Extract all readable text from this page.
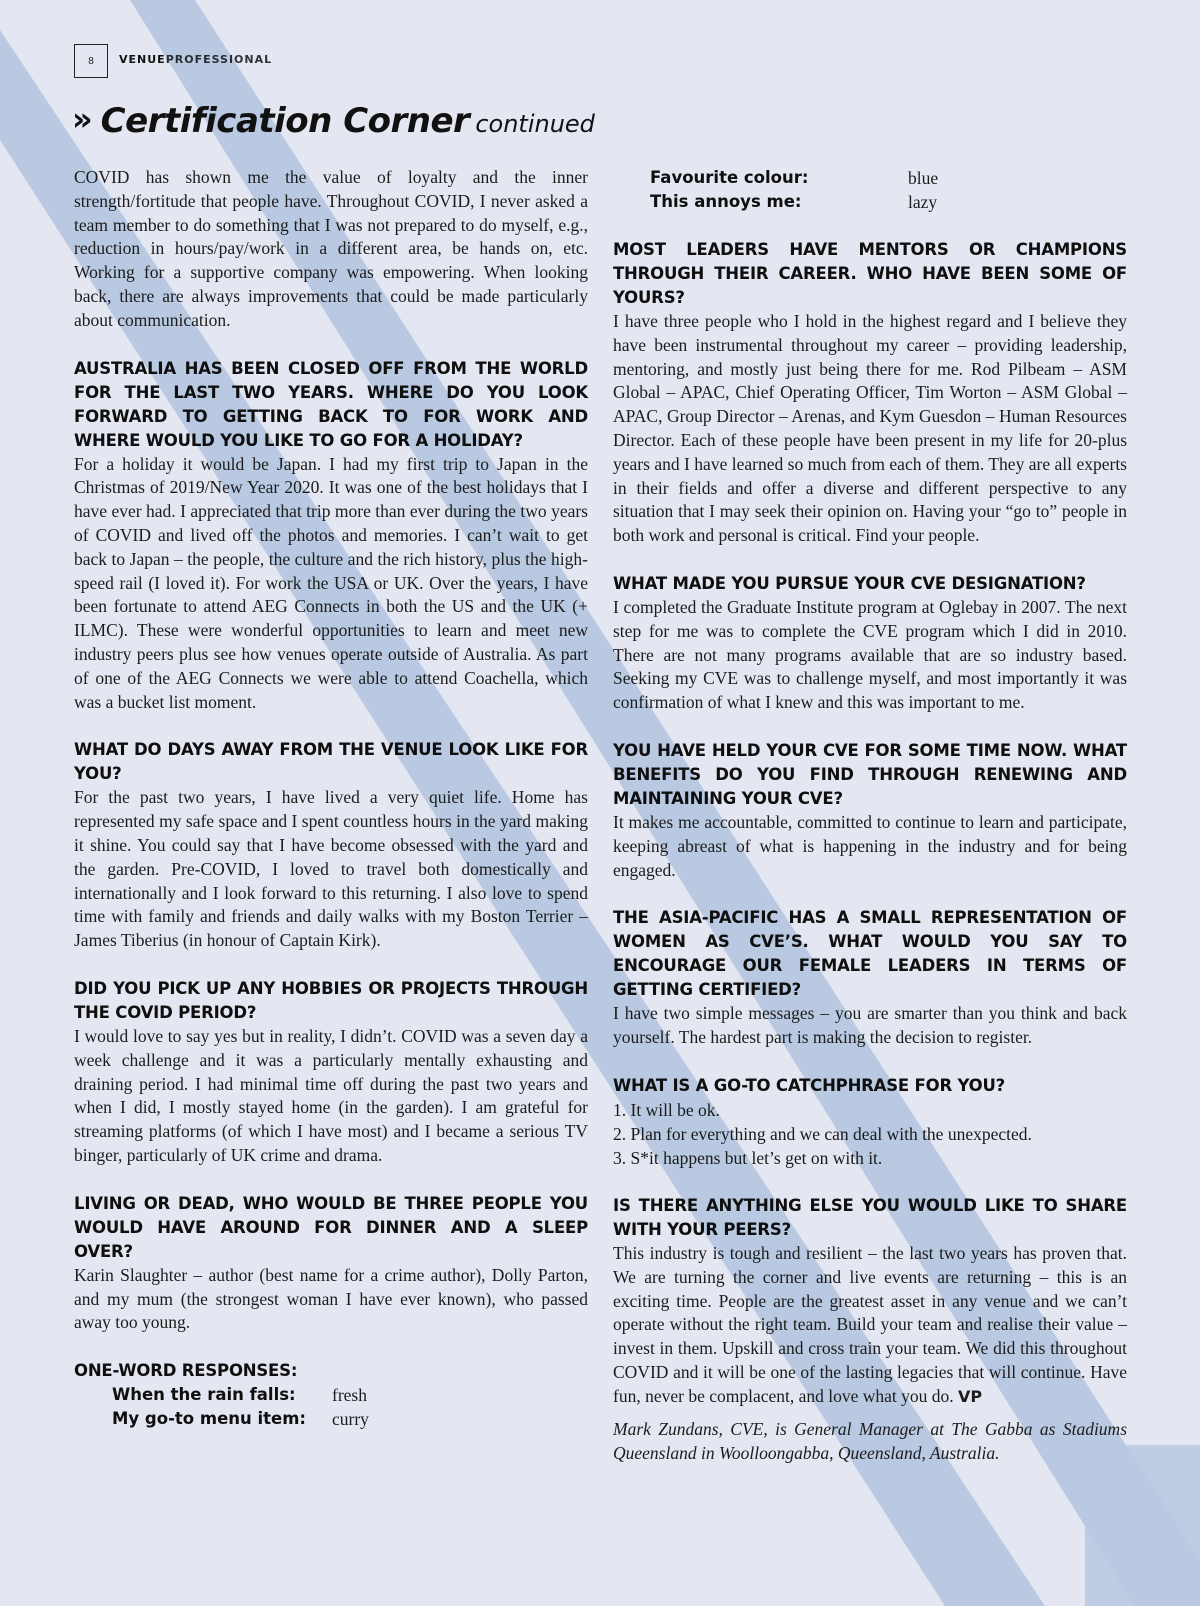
8	VENUEPROFESSIONAL
» Certification Corner continued

COVID has shown me the value of loyalty and the inner strength/fortitude that people have. Throughout COVID, I never asked a team member to do something that I was not prepared to do myself, e.g., reduction in hours/pay/work in a different area, be hands on, etc. Working for a supportive company was empowering. When looking back, there are always improvements that could be made particularly about communication.

AUSTRALIA HAS BEEN CLOSED OFF FROM THE WORLD FOR THE LAST TWO YEARS. WHERE DO YOU LOOK FORWARD TO GETTING BACK TO FOR WORK AND WHERE WOULD YOU LIKE TO GO FOR A HOLIDAY?

For a holiday it would be Japan. I had my first trip to Japan in the Christmas of 2019/New Year 2020. It was one of the best holidays that I have ever had. I appreciated that trip more than ever during the two years of COVID and lived off the photos and memories. I can’t wait to get back to Japan – the people, the culture and the rich history, plus the high-speed rail (I loved it). For work the USA or UK. Over the years, I have been fortunate to attend AEG Connects in both the US and the UK (+ ILMC). These were wonderful opportunities to learn and meet new industry peers plus see how venues operate outside of Australia. As part of one of the AEG Connects we were able to attend Coachella, which was a bucket list moment.

WHAT DO DAYS AWAY FROM THE VENUE LOOK LIKE FOR YOU?

For the past two years, I have lived a very quiet life. Home has represented my safe space and I spent countless hours in the yard making it shine. You could say that I have become obsessed with the yard and the garden. Pre-COVID, I loved to travel both domestically and internationally and I look forward to this returning. I also love to spend time with family and friends and daily walks with my Boston Terrier – James Tiberius (in honour of Captain Kirk).

DID YOU PICK UP ANY HOBBIES OR PROJECTS THROUGH THE COVID PERIOD?

I would love to say yes but in reality, I didn’t. COVID was a seven day a week challenge and it was a particularly mentally exhausting and draining period. I had minimal time off during the past two years and when I did, I mostly stayed home (in the garden). I am grateful for streaming platforms (of which I have most) and I became a serious TV binger, particularly of UK crime and drama.

LIVING OR DEAD, WHO WOULD BE THREE PEOPLE YOU WOULD HAVE AROUND FOR DINNER AND A SLEEP OVER?

Karin Slaughter – author (best name for a crime author), Dolly Parton, and my mum (the strongest woman I have ever known), who passed away too young.

ONE-WORD RESPONSES:

When the rain falls:	fresh
My go-to menu item:	curry
Favourite colour:	blue
This annoys me:	lazy

MOST LEADERS HAVE MENTORS OR CHAMPIONS THROUGH THEIR CAREER. WHO HAVE BEEN SOME OF YOURS?

I have three people who I hold in the highest regard and I believe they have been instrumental throughout my career – providing leadership, mentoring, and mostly just being there for me. Rod Pilbeam – ASM Global – APAC, Chief Operating Officer, Tim Worton – ASM Global – APAC, Group Director – Arenas, and Kym Guesdon – Human Resources Director. Each of these people have been present in my life for 20-plus years and I have learned so much from each of them. They are all experts in their fields and offer a diverse and different perspective to any situation that I may seek their opinion on. Having your “go to” people in both work and personal is critical. Find your people.

WHAT MADE YOU PURSUE YOUR CVE DESIGNATION?

I completed the Graduate Institute program at Oglebay in 2007. The next step for me was to complete the CVE program which I did in 2010. There are not many programs available that are so industry based. Seeking my CVE was to challenge myself, and most importantly it was confirmation of what I knew and this was important to me.

YOU HAVE HELD YOUR CVE FOR SOME TIME NOW. WHAT BENEFITS DO YOU FIND THROUGH RENEWING AND MAINTAINING YOUR CVE?

It makes me accountable, committed to continue to learn and participate, keeping abreast of what is happening in the industry and for being engaged.

THE ASIA-PACIFIC HAS A SMALL REPRESENTATION OF WOMEN AS CVE’S. WHAT WOULD YOU SAY TO ENCOURAGE OUR FEMALE LEADERS IN TERMS OF GETTING CERTIFIED?

I have two simple messages – you are smarter than you think and back yourself. The hardest part is making the decision to register.

WHAT IS A GO-TO CATCHPHRASE FOR YOU?

1. It will be ok.

2. Plan for everything and we can deal with the unexpected.

3. S*it happens but let’s get on with it.

IS THERE ANYTHING ELSE YOU WOULD LIKE TO SHARE WITH YOUR PEERS?

This industry is tough and resilient – the last two years has proven that. We are turning the corner and live events are returning – this is an exciting time. People are the greatest asset in any venue and we can’t operate without the right team. Build your team and realise their value – invest in them. Upskill and cross train your team. We did this throughout COVID and it will be one of the lasting legacies that will continue. Have fun, never be complacent, and love what you do. VP

Mark Zundans, CVE, is General Manager at The Gabba as Stadiums Queensland in Woolloongabba, Queensland, Australia.
